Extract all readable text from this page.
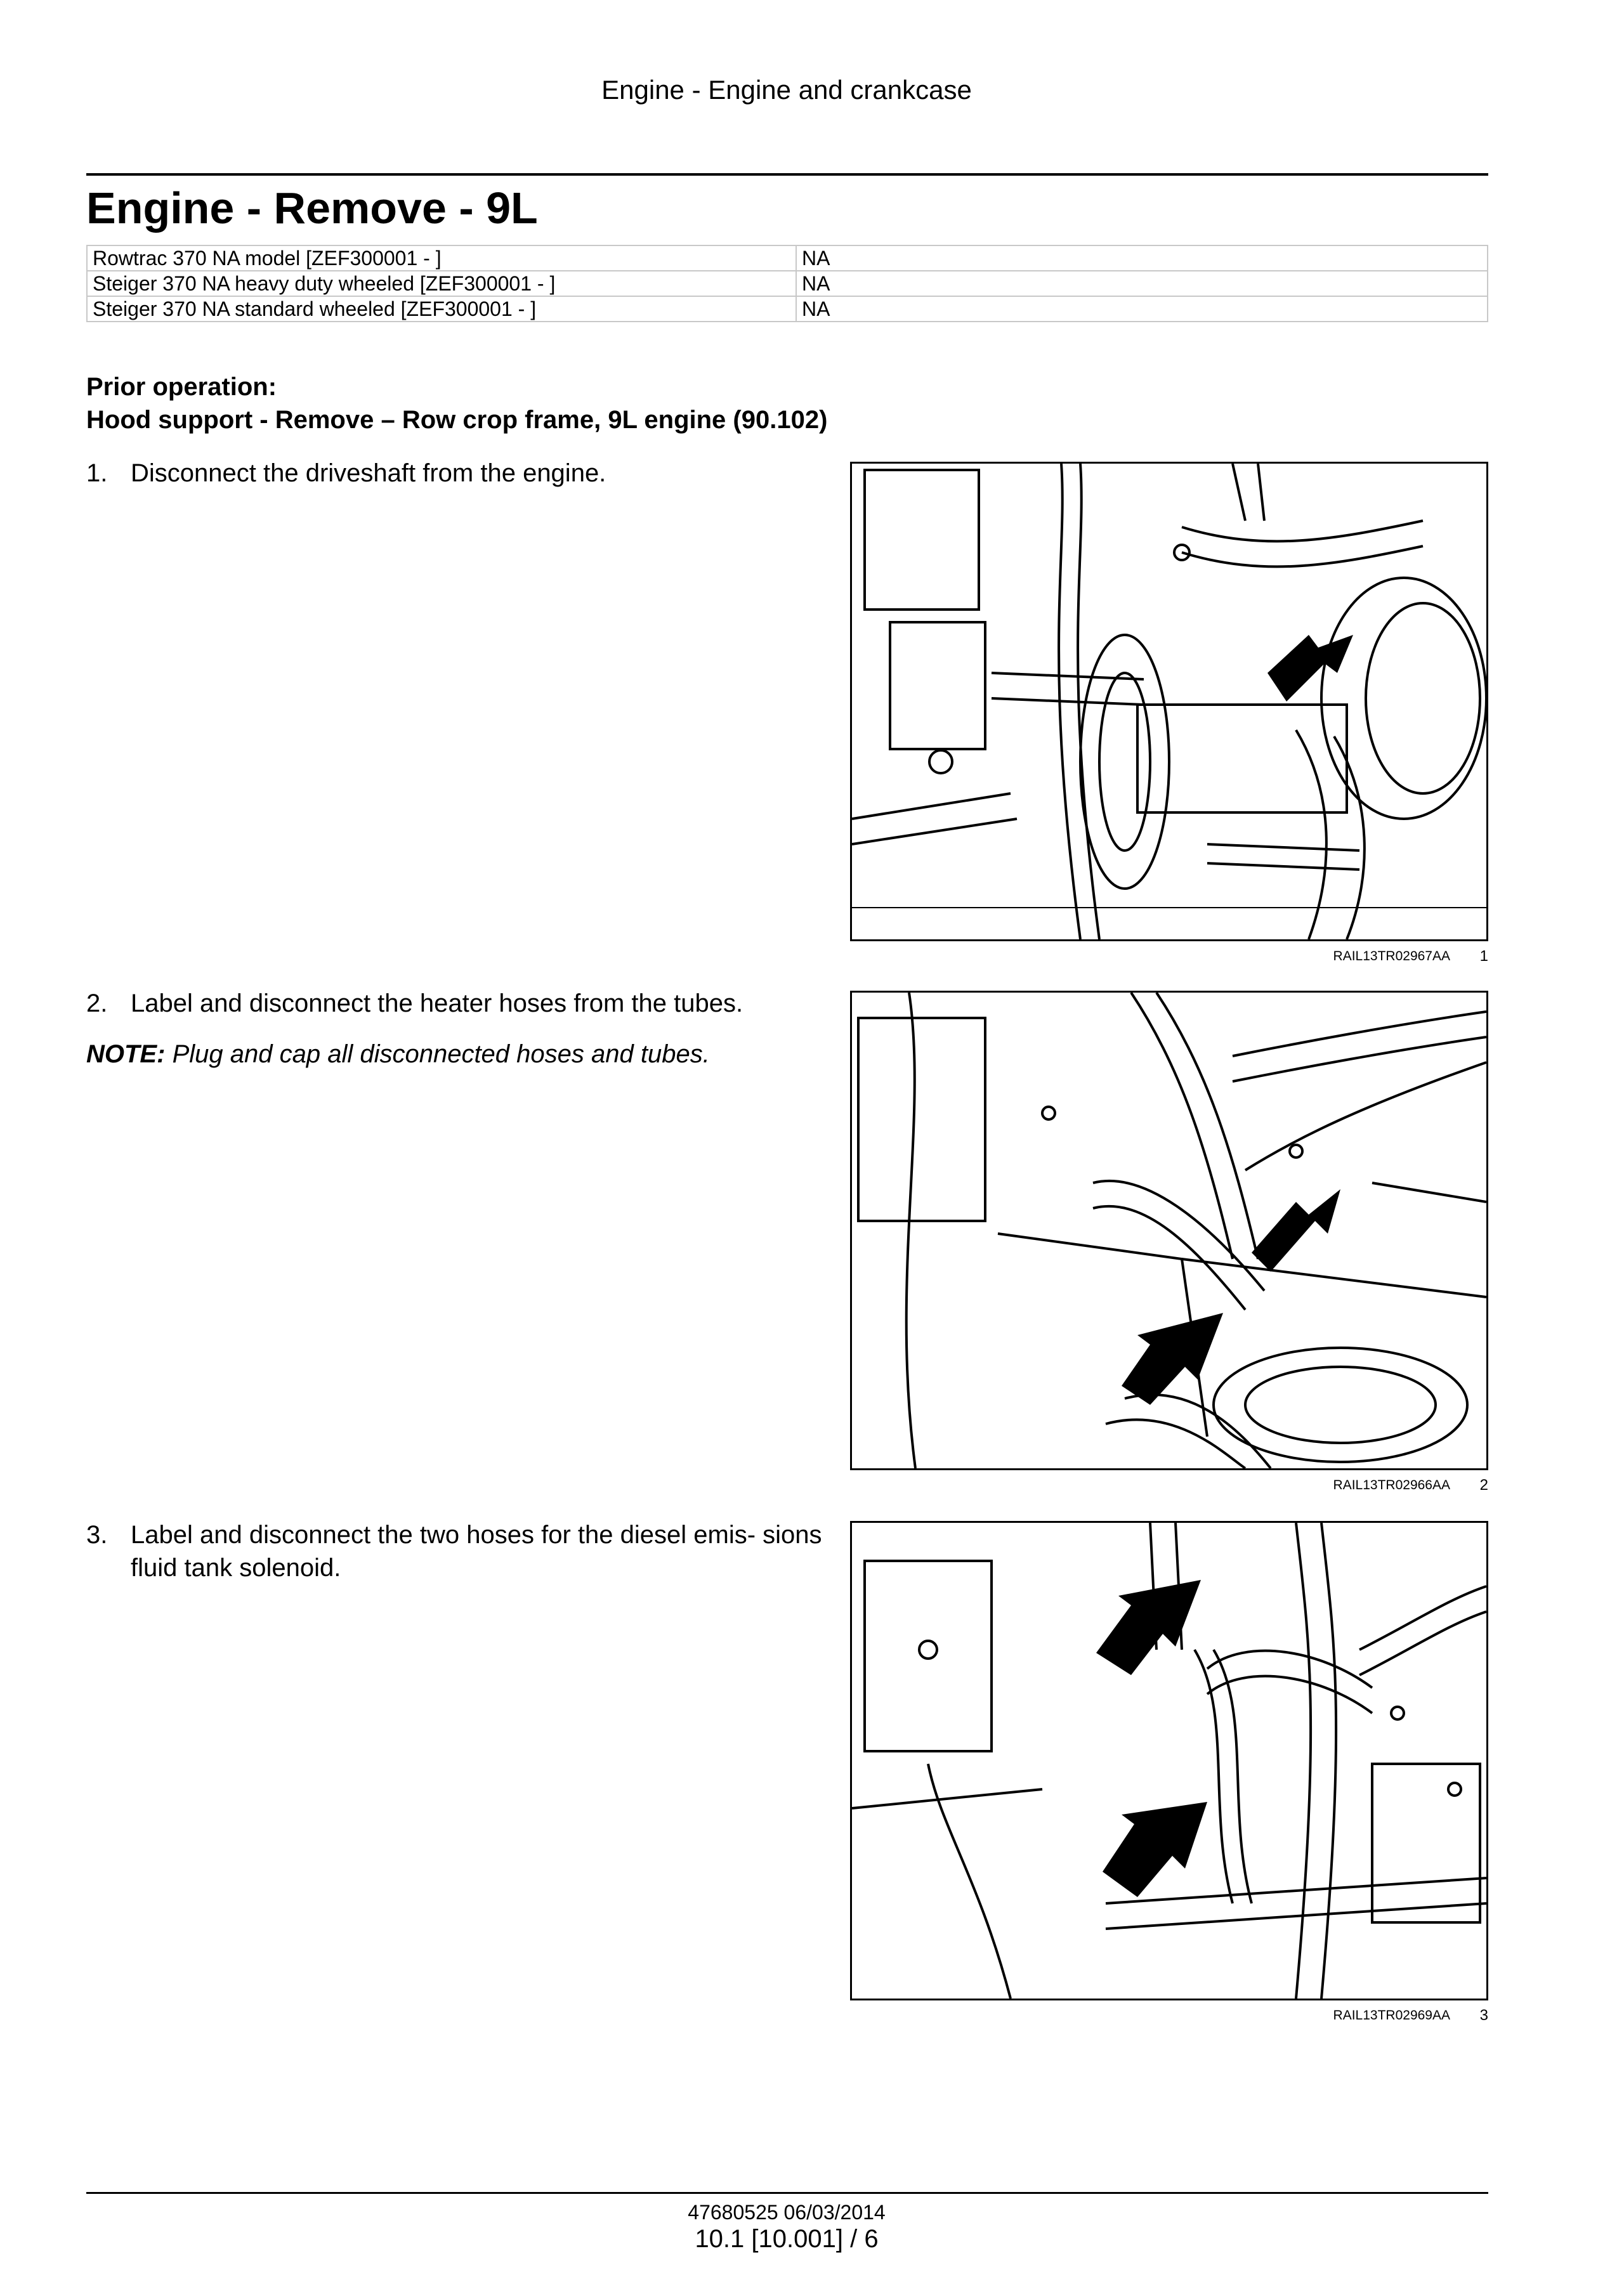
Engine - Engine and crankcase
Engine - Remove - 9L
Rowtrac 370 NA model [ZEF300001 - ]	NA
Steiger 370 NA heavy duty wheeled [ZEF300001 - ]	NA
Steiger 370 NA standard wheeled [ZEF300001 - ]	NA
Prior operation:
Hood support - Remove – Row crop frame, 9L engine (90.102)
1. Disconnect the driveshaft from the engine.
2. Label and disconnect the heater hoses from the tubes.
NOTE: Plug and cap all disconnected hoses and tubes.
3. Label and disconnect the two hoses for the diesel emis- sions fluid tank solenoid.
RAIL13TR02967AA 1
RAIL13TR02966AA 2
RAIL13TR02969AA 3
47680525 06/03/2014
10.1 [10.001] / 6
